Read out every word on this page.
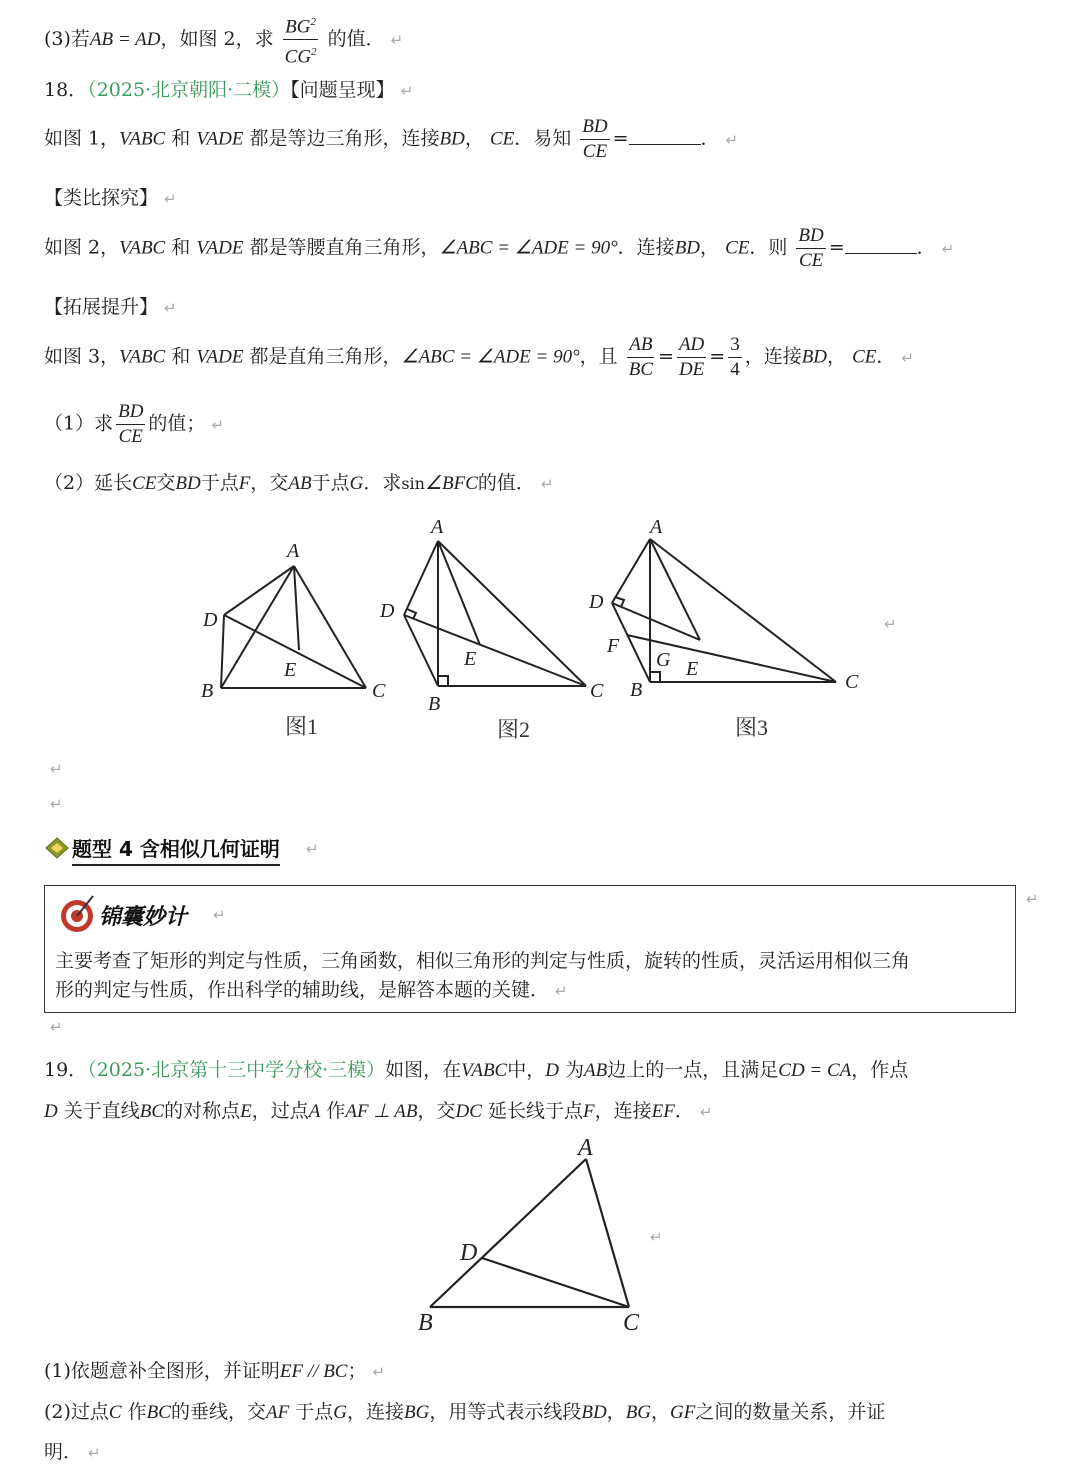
(3)若AB = AD，如图 2，求 $\frac{BG^2}{CG^2}$ 的值． ↵
18．（2025·北京朝阳·二模）【问题呈现】 ↵
如图 1，VABC 和 VADE 都是等边三角形，连接BD， CE．易知 $\frac{BD}{CE}$ =	． ↵
【类比探究】 ↵
如图 2，VABC 和 VADE 都是等腰直角三角形，∠ABC = ∠ADE = 90°．连接BD， CE．则 $\frac{BD}{CE}$ =	． ↵
【拓展提升】 ↵
如图 3，VABC 和 VADE 都是直角三角形，∠ABC = ∠ADE = 90°，且 $\frac{AB}{BC} = \frac{AD}{DE} = \frac{3}{4}$ ，连接BD， CE． ↵
（1）求 $\frac{BD}{CE}$ 的值； ↵
（2）延长CE交BD于点F，交AB于点G．求sin∠BFC的值． ↵
A
D
E
B	C
A
D
E
B
C
A
D
F
G E
B	C
↵
图1	图2	图3
↵
↵
题型 4 含相似几何证明 ↵
锦囊妙计 ↵
主要考查了矩形的判定与性质，三角函数，相似三角形的判定与性质，旋转的性质，灵活运用相似三角
形的判定与性质，作出科学的辅助线，是解答本题的关键． ↵
↵
↵
19．（2025·北京第十三中学分校·三模）如图，在VABC中，D 为AB边上的一点，且满足CD = CA，作点
D 关于直线BC的对称点E，过点A 作AF ⊥ AB，交DC 延长线于点F，连接EF． ↵
A
D
B	C
↵
(1)依题意补全图形，并证明EF // BC； ↵
(2)过点C 作BC的垂线，交AF 于点G，连接BG，用等式表示线段BD，BG，GF之间的数量关系，并证
明． ↵
